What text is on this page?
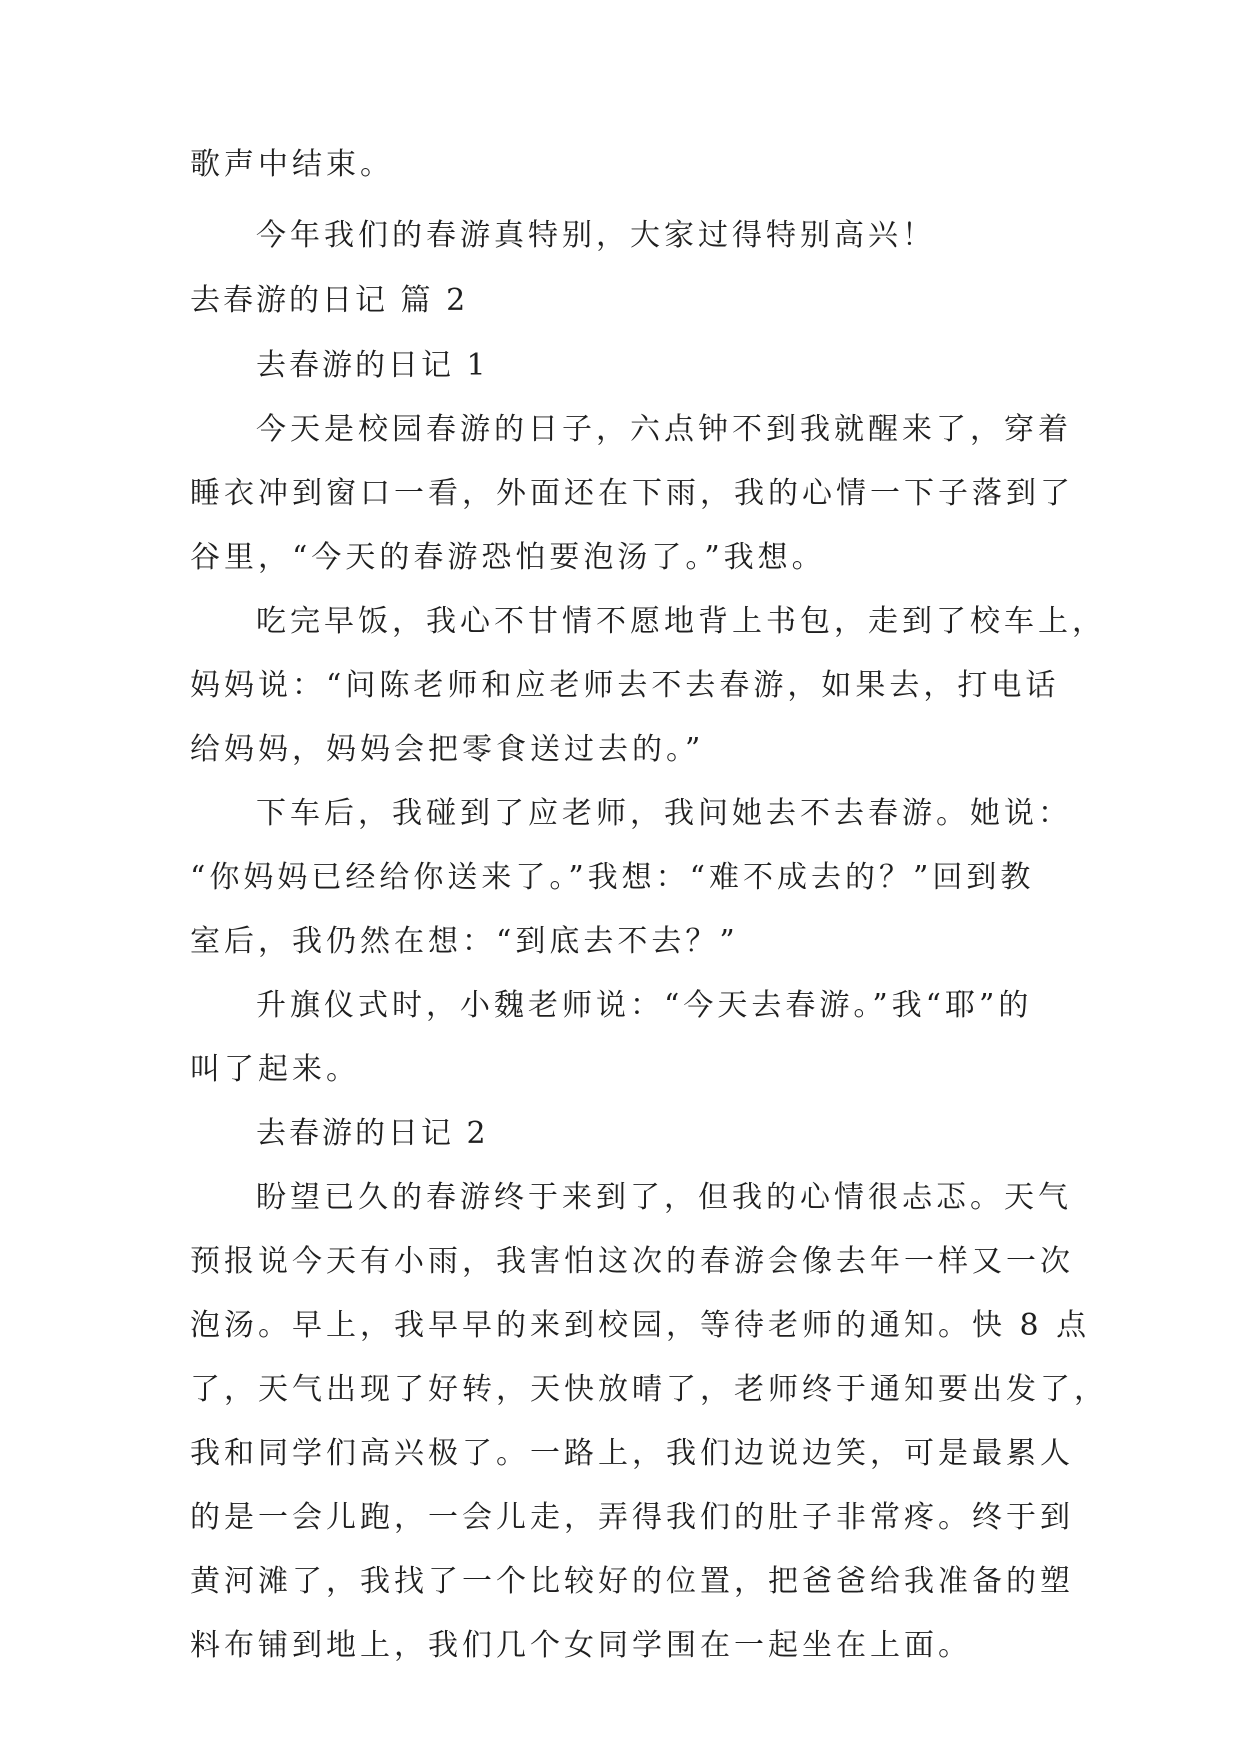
歌声中结束。

今年我们的春游真特别，大家过得特别高兴！

去春游的日记 篇 2

去春游的日记 1

今天是校园春游的日子，六点钟不到我就醒来了，穿着

睡衣冲到窗口一看，外面还在下雨，我的心情一下子落到了

谷里，“今天的春游恐怕要泡汤了。”我想。

吃完早饭，我心不甘情不愿地背上书包，走到了校车上，

妈妈说：“问陈老师和应老师去不去春游，如果去，打电话

给妈妈，妈妈会把零食送过去的。”

下车后，我碰到了应老师，我问她去不去春游。她说：

“你妈妈已经给你送来了。”我想：“难不成去的？”回到教

室后，我仍然在想：“到底去不去？”

升旗仪式时，小魏老师说：“今天去春游。”我“耶”的

叫了起来。

去春游的日记 2

盼望已久的春游终于来到了，但我的心情很忐忑。天气

预报说今天有小雨，我害怕这次的春游会像去年一样又一次

泡汤。早上，我早早的来到校园，等待老师的通知。快 8 点

了，天气出现了好转，天快放晴了，老师终于通知要出发了，

我和同学们高兴极了。一路上，我们边说边笑，可是最累人

的是一会儿跑，一会儿走，弄得我们的肚子非常疼。终于到

黄河滩了，我找了一个比较好的位置，把爸爸给我准备的塑

料布铺到地上，我们几个女同学围在一起坐在上面。
